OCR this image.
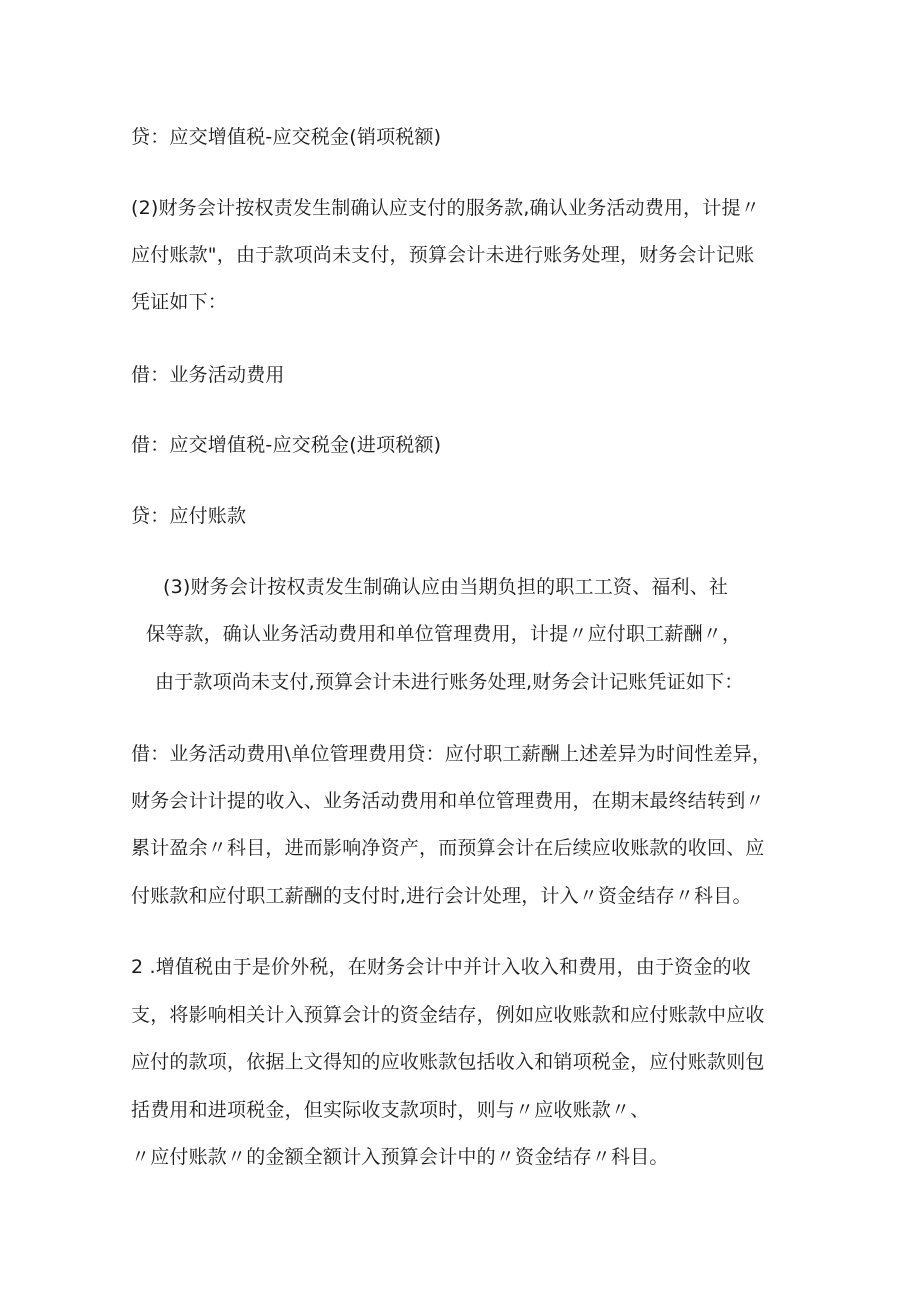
贷：应交增值税-应交税金(销项税额)
(2)财务会计按权责发生制确认应支付的服务款,确认业务活动费用，计提〃
应付账款"，由于款项尚未支付，预算会计未进行账务处理，财务会计记账
凭证如下：
借：业务活动费用
借：应交增值税-应交税金(进项税额)
贷：应付账款
(3)财务会计按权责发生制确认应由当期负担的职工工资、福利、社
保等款，确认业务活动费用和单位管理费用，计提〃应付职工薪酬〃，
由于款项尚未支付,预算会计未进行账务处理,财务会计记账凭证如下：
借：业务活动费用\单位管理费用贷：应付职工薪酬上述差异为时间性差异，
财务会计计提的收入、业务活动费用和单位管理费用，在期末最终结转到〃
累计盈余〃科目，进而影响净资产，而预算会计在后续应收账款的收回、应
付账款和应付职工薪酬的支付时,进行会计处理，计入〃资金结存〃科目。
2 .增值税由于是价外税，在财务会计中并计入收入和费用，由于资金的收
支，将影响相关计入预算会计的资金结存，例如应收账款和应付账款中应收
应付的款项，依据上文得知的应收账款包括收入和销项税金，应付账款则包
括费用和进项税金，但实际收支款项时，则与〃应收账款〃、
〃应付账款〃的金额全额计入预算会计中的〃资金结存〃科目。
